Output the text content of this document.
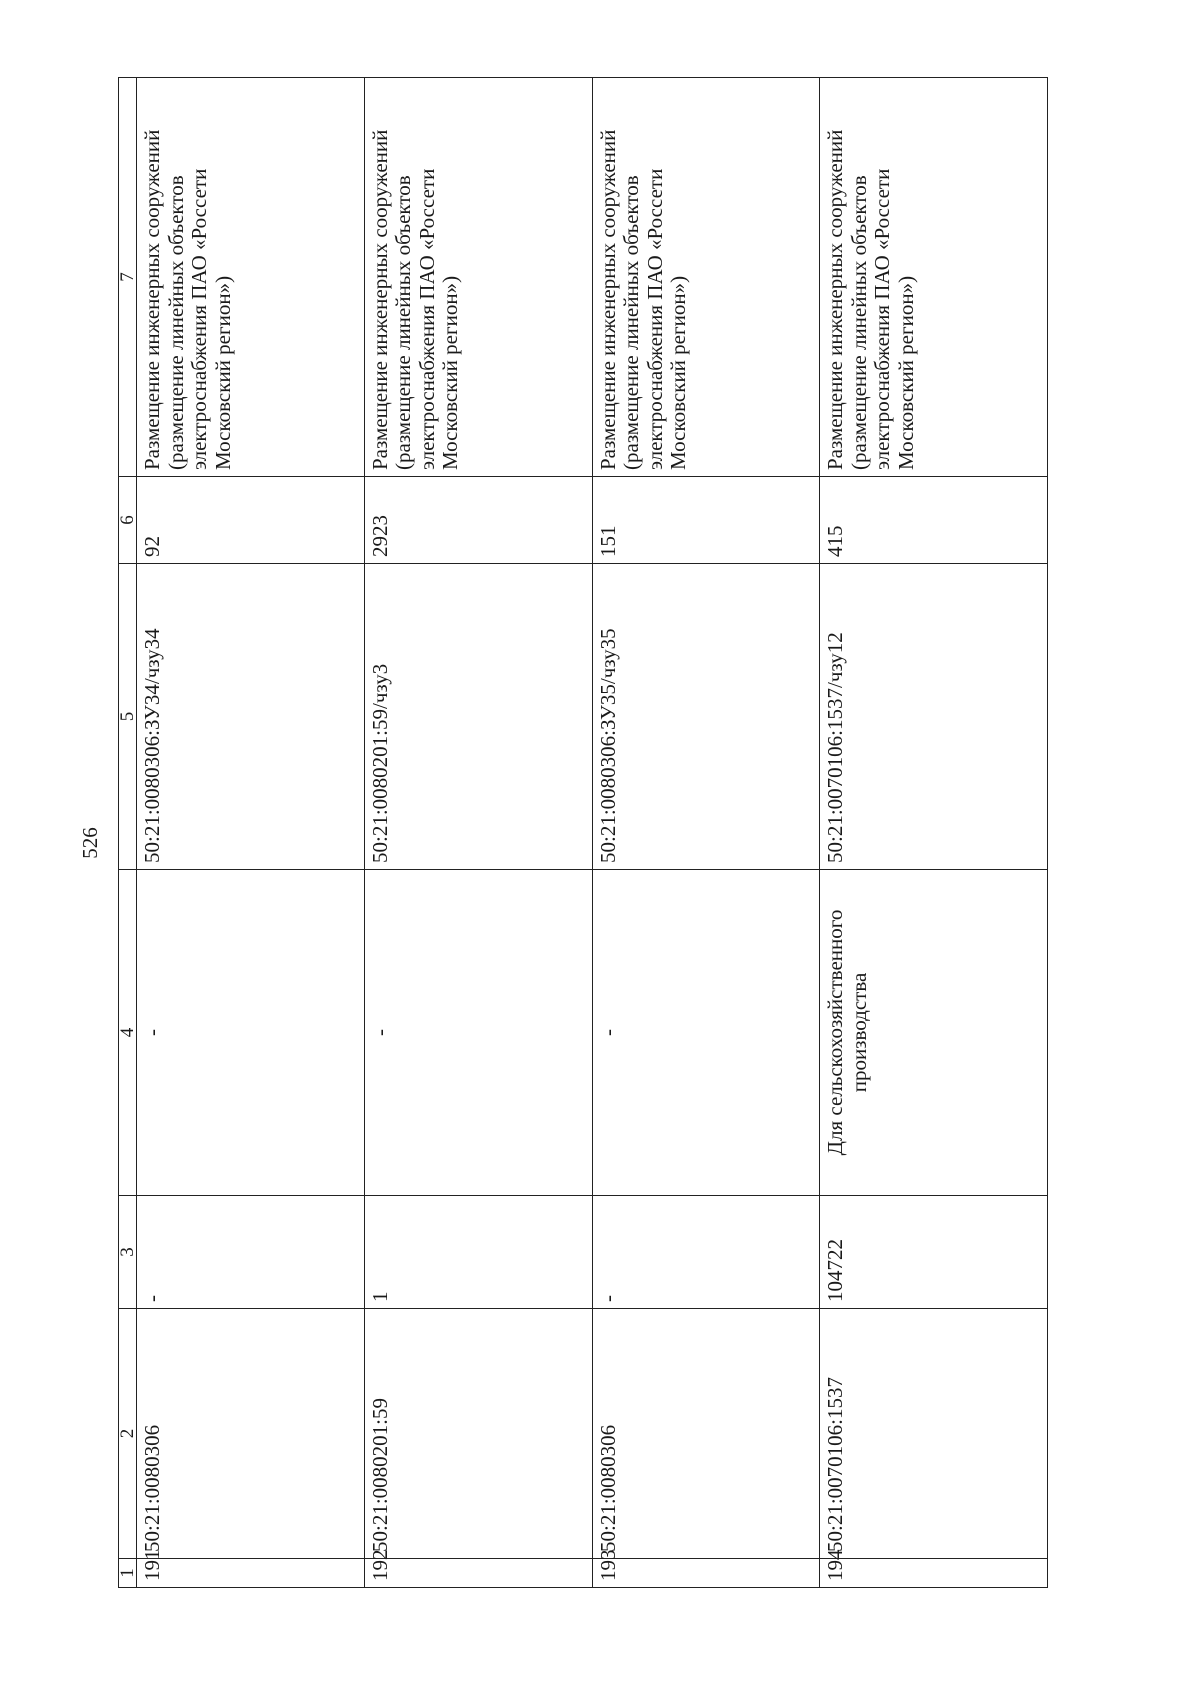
526
1	2	3	4	5	6	7
191	50:21:0080306	-	-	50:21:0080306:ЗУ34/чзу34	92	Размещение инженерных сооружений (размещение линейных объектов электроснабжения ПАО «Россети Московский регион»)
192	50:21:0080201:59	1	-	50:21:0080201:59/чзу3	2923	Размещение инженерных сооружений (размещение линейных объектов электроснабжения ПАО «Россети Московский регион»)
193	50:21:0080306	-	-	50:21:0080306:ЗУ35/чзу35	151	Размещение инженерных сооружений (размещение линейных объектов электроснабжения ПАО «Россети Московский регион»)
194	50:21:0070106:1537	104722	Для сельскохозяйственного производства	50:21:0070106:1537/чзу12	415	Размещение инженерных сооружений (размещение линейных объектов электроснабжения ПАО «Россети Московский регион»)
